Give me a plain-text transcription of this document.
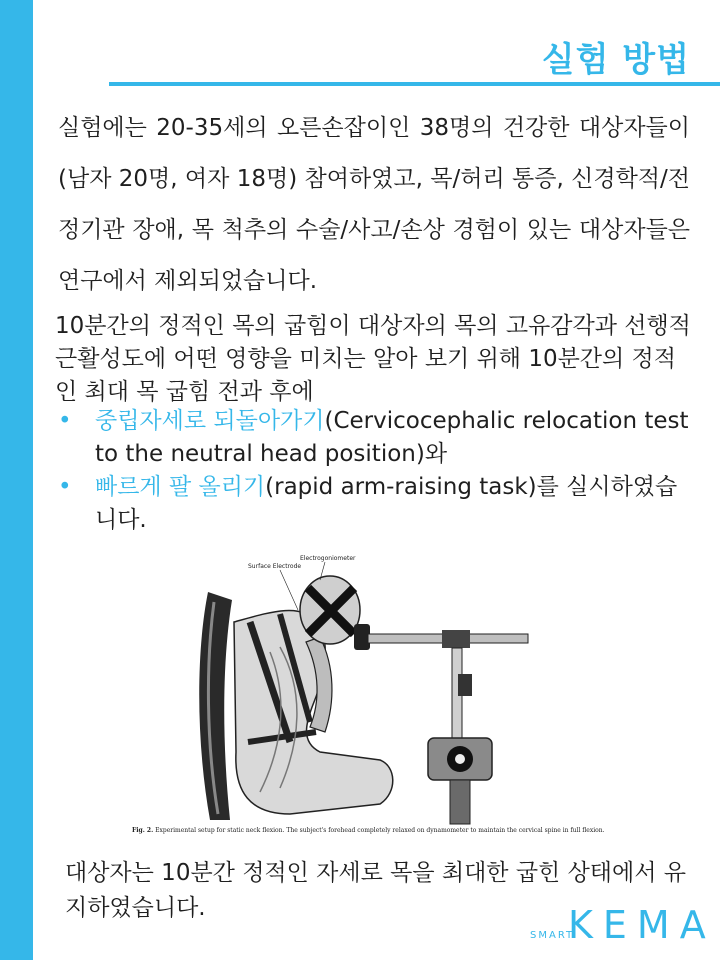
실험 방법

실험에는 20-35세의 오른손잡이인 38명의 건강한 대상자들이(남자 20명, 여자 18명) 참여하였고, 목/허리 통증, 신경학적/전정기관 장애, 목 척추의 수술/사고/손상 경험이 있는 대상자들은 연구에서 제외되었습니다.

10분간의 정적인 목의 굽힘이 대상자의 목의 고유감각과 선행적 근활성도에 어떤 영향을 미치는 알아 보기 위해 10분간의 정적인 최대 목 굽힘 전과 후에

• 중립자세로 되돌아가기(Cervicocephalic relocation test to the neutral head position)와
• 빠르게 팔 올리기(rapid arm-raising task)를 실시하였습니다.
Surface Electrode
Electrogoniometer
Fig. 2. Experimental setup for static neck flexion. The subject's forehead completely relaxed on dynamometer to maintain the cervical spine in full flexion.

대상자는 10분간 정적인 자세로 목을 최대한 굽힌 상태에서 유지하였습니다.

SMART
KEMA
